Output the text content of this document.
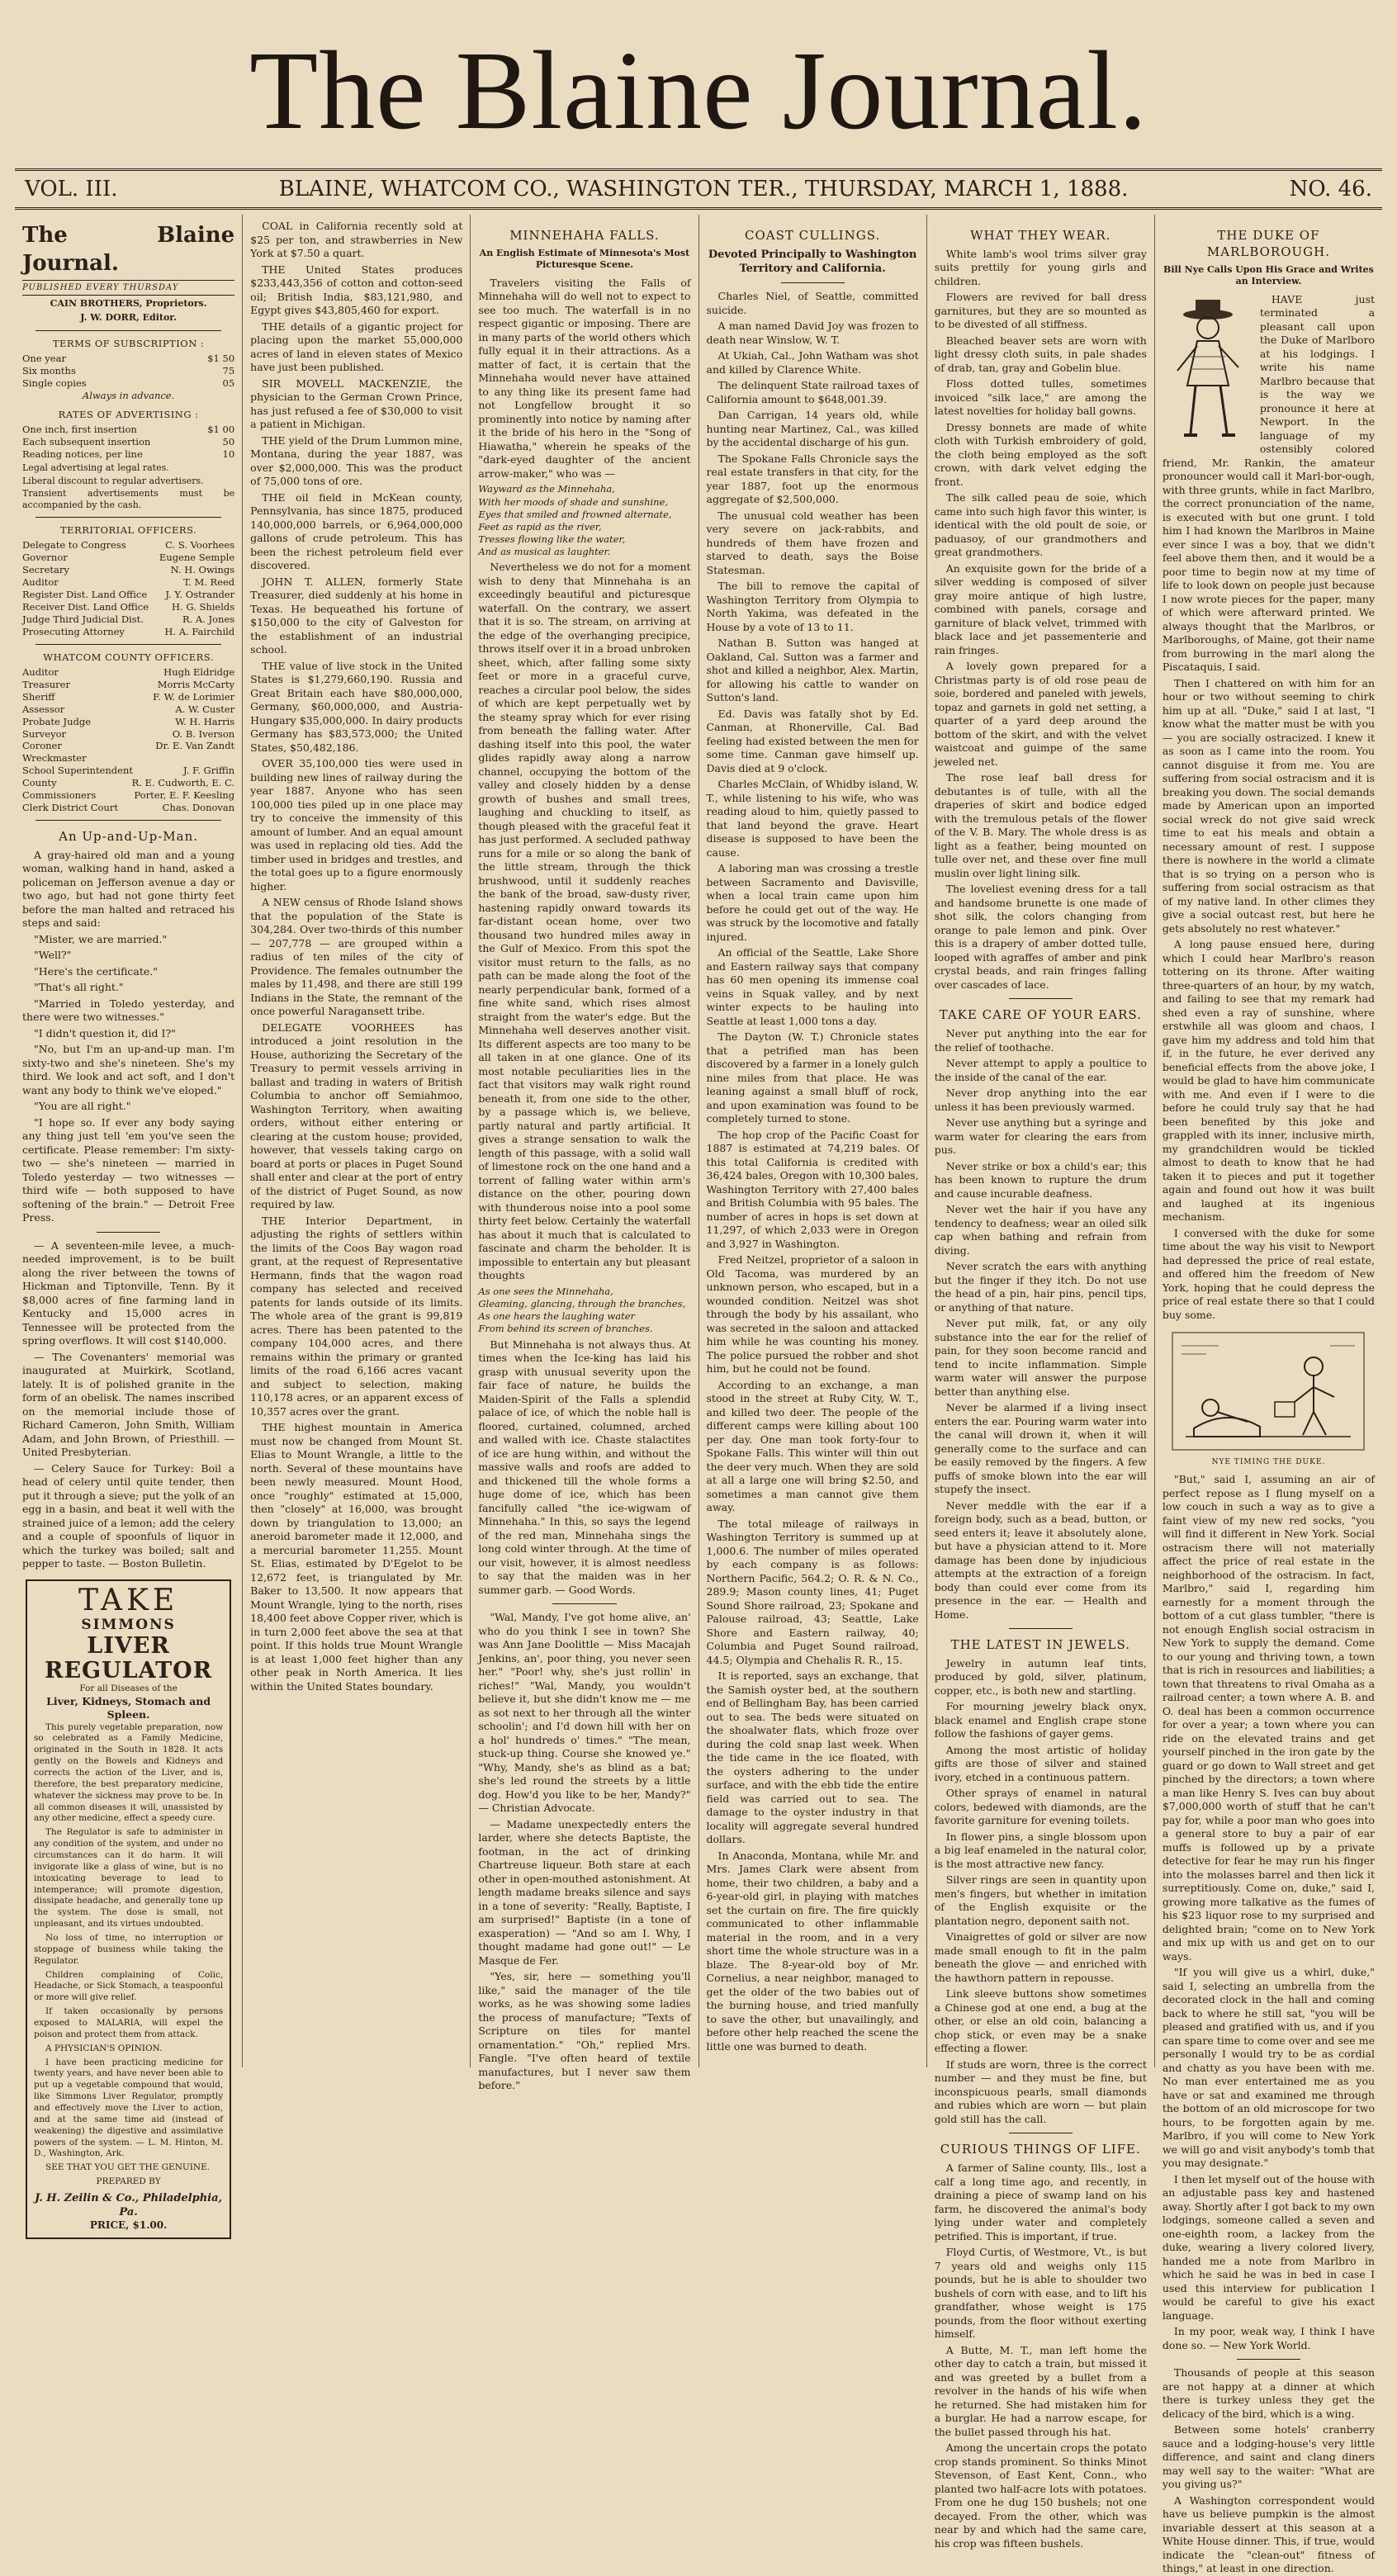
The Blaine Journal.
VOL. III.	BLAINE, WHATCOM CO., WASHINGTON TER., THURSDAY, MARCH 1, 1888.	NO. 46.
The Blaine Journal.
PUBLISHED EVERY THURSDAY
CAIN BROTHERS, Proprietors.
J. W. DORR, Editor.
TERMS OF SUBSCRIPTION :
One year	$1 50
Six months	75
Single copies	05
Always in advance.
RATES OF ADVERTISING :
One inch, first insertion	$1 00
Each subsequent insertion	50
Reading notices, per line	10
Legal advertising at legal rates.
Liberal discount to regular advertisers.
Transient advertisements must be accompanied by the cash.
TERRITORIAL OFFICERS.
Delegate to Congress	C. S. Voorhees
Governor	Eugene Semple
Secretary	N. H. Owings
Auditor	T. M. Reed
Register Dist. Land Office J. Y. Ostrander
Receiver Dist. Land Office H. G. Shields
Judge Third Judicial Dist.	R. A. Jones
Prosecuting Attorney	H. A. Fairchild
WHATCOM COUNTY OFFICERS.
Auditor	Hugh Eldridge
Treasurer	Morris McCarty
Sheriff	F. W. de Lorimier
Assessor	A. W. Custer
Probate Judge	W. H. Harris
Surveyor	O. B. Iverson
Coroner	Dr. E. Van Zandt
Wreckmaster
School Superintendent	J. F. Griffin
County Commissioners
R. E. Cudworth, E. C. Porter, E. F. Keesling
Clerk District Court	Chas. Donovan
An Up-and-Up-Man.

A gray-haired old man and a young woman, walking hand in hand, asked a policeman on Jefferson avenue a day or two ago, but had not gone thirty feet before the man halted and retraced his steps and said:

"Mister, we are married."

"Well?"

"Here's the certificate."

"That's all right."

"Married in Toledo yesterday, and there were two witnesses."

"I didn't question it, did I?"

"No, but I'm an up-and-up man. I'm sixty-two and she's nineteen. She's my third. We look and act soft, and I don't want any body to think we've eloped."

"You are all right."

"I hope so. If ever any body saying any thing just tell 'em you've seen the certificate. Please remember: I'm sixty-two — she's nineteen — married in Toledo yesterday — two witnesses — third wife — both supposed to have softening of the brain." — Detroit Free Press.

— A seventeen-mile levee, a much-needed improvement, is to be built along the river between the towns of Hickman and Tiptonville, Tenn. By it $8,000 acres of fine farming land in Kentucky and 15,000 acres in Tennessee will be protected from the spring overflows. It will cost $140,000.

— The Covenanters' memorial was inaugurated at Muirkirk, Scotland, lately. It is of polished granite in the form of an obelisk. The names inscribed on the memorial include those of Richard Cameron, John Smith, William Adam, and John Brown, of Priesthill. — United Presbyterian.

— Celery Sauce for Turkey: Boil a head of celery until quite tender, then put it through a sieve; put the yolk of an egg in a basin, and beat it well with the strained juice of a lemon; add the celery and a couple of spoonfuls of liquor in which the turkey was boiled; salt and pepper to taste. — Boston Bulletin.

TAKE
SIMMONS
LIVER REGULATOR
For all Diseases of the
Liver, Kidneys, Stomach and Spleen.

This purely vegetable preparation, now so celebrated as a Family Medicine, originated in the South in 1828. It acts gently on the Bowels and Kidneys and corrects the action of the Liver, and is, therefore, the best preparatory medicine, whatever the sickness may prove to be. In all common diseases it will, unassisted by any other medicine, effect a speedy cure.

The Regulator is safe to administer in any condition of the system, and under no circumstances can it do harm. It will invigorate like a glass of wine, but is no intoxicating beverage to lead to intemperance; will promote digestion, dissipate headache, and generally tone up the system. The dose is small, not unpleasant, and its virtues undoubted.

No loss of time, no interruption or stoppage of business while taking the Regulator.

Children complaining of Colic, Headache, or Sick Stomach, a teaspoonful or more will give relief.

If taken occasionally by persons exposed to MALARIA, will expel the poison and protect them from attack.

A PHYSICIAN'S OPINION.

I have been practicing medicine for twenty years, and have never been able to put up a vegetable compound that would, like Simmons Liver Regulator, promptly and effectively move the Liver to action, and at the same time aid (instead of weakening) the digestive and assimilative powers of the system. — L. M. Hinton, M. D., Washington, Ark.

SEE THAT YOU GET THE GENUINE.

PREPARED BY
J. H. Zeilin & Co., Philadelphia, Pa.
PRICE, $1.00.

COAL in California recently sold at $25 per ton, and strawberries in New York at $7.50 a quart.

THE United States produces $233,443,356 of cotton and cotton-seed oil; British India, $83,121,980, and Egypt gives $43,805,460 for export.

THE details of a gigantic project for placing upon the market 55,000,000 acres of land in eleven states of Mexico have just been published.

SIR MOVELL MACKENZIE, the physician to the German Crown Prince, has just refused a fee of $30,000 to visit a patient in Michigan.

THE yield of the Drum Lummon mine, Montana, during the year 1887, was over $2,000,000. This was the product of 75,000 tons of ore.

THE oil field in McKean county, Pennsylvania, has since 1875, produced 140,000,000 barrels, or 6,964,000,000 gallons of crude petroleum. This has been the richest petroleum field ever discovered.

JOHN T. ALLEN, formerly State Treasurer, died suddenly at his home in Texas. He bequeathed his fortune of $150,000 to the city of Galveston for the establishment of an industrial school.

THE value of live stock in the United States is $1,279,660,190. Russia and Great Britain each have $80,000,000, Germany, $60,000,000, and Austria-Hungary $35,000,000. In dairy products Germany has $83,573,000; the United States, $50,482,186.

OVER 35,100,000 ties were used in building new lines of railway during the year 1887. Anyone who has seen 100,000 ties piled up in one place may try to conceive the immensity of this amount of lumber. And an equal amount was used in replacing old ties. Add the timber used in bridges and trestles, and the total goes up to a figure enormously higher.

A NEW census of Rhode Island shows that the population of the State is 304,284. Over two-thirds of this number — 207,778 — are grouped within a radius of ten miles of the city of Providence. The females outnumber the males by 11,498, and there are still 199 Indians in the State, the remnant of the once powerful Naragansett tribe.

DELEGATE VOORHEES has introduced a joint resolution in the House, authorizing the Secretary of the Treasury to permit vessels arriving in ballast and trading in waters of British Columbia to anchor off Semiahmoo, Washington Territory, when awaiting orders, without either entering or clearing at the custom house; provided, however, that vessels taking cargo on board at ports or places in Puget Sound shall enter and clear at the port of entry of the district of Puget Sound, as now required by law.

THE Interior Department, in adjusting the rights of settlers within the limits of the Coos Bay wagon road grant, at the request of Representative Hermann, finds that the wagon road company has selected and received patents for lands outside of its limits. The whole area of the grant is 99,819 acres. There has been patented to the company 104,000 acres, and there remains within the primary or granted limits of the road 6,166 acres vacant and subject to selection, making 110,178 acres, or an apparent excess of 10,357 acres over the grant.

THE highest mountain in America must now be changed from Mount St. Elias to Mount Wrangle, a little to the north. Several of these mountains have been newly measured. Mount Hood, once "roughly" estimated at 15,000, then "closely" at 16,000, was brought down by triangulation to 13,000; an aneroid barometer made it 12,000, and a mercurial barometer 11,255. Mount St. Elias, estimated by D'Egelot to be 12,672 feet, is triangulated by Mr. Baker to 13,500. It now appears that Mount Wrangle, lying to the north, rises 18,400 feet above Copper river, which is in turn 2,000 feet above the sea at that point. If this holds true Mount Wrangle is at least 1,000 feet higher than any other peak in North America. It lies within the United States boundary.

MINNEHAHA FALLS.
An English Estimate of Minnesota's Most Picturesque Scene.

Travelers visiting the Falls of Minnehaha will do well not to expect to see too much. The waterfall is in no respect gigantic or imposing. There are in many parts of the world others which fully equal it in their attractions. As a matter of fact, it is certain that the Minnehaha would never have attained to any thing like its present fame had not Longfellow brought it so prominently into notice by naming after it the bride of his hero in the "Song of Hiawatha," wherein he speaks of the "dark-eyed daughter of the ancient arrow-maker," who was —

Wayward as the Minnehaha,
With her moods of shade and sunshine,
Eyes that smiled and frowned alternate,
Feet as rapid as the river,
Tresses flowing like the water,
And as musical as laughter.

Nevertheless we do not for a moment wish to deny that Minnehaha is an exceedingly beautiful and picturesque waterfall. On the contrary, we assert that it is so. The stream, on arriving at the edge of the overhanging precipice, throws itself over it in a broad unbroken sheet, which, after falling some sixty feet or more in a graceful curve, reaches a circular pool below, the sides of which are kept perpetually wet by the steamy spray which for ever rising from beneath the falling water. After dashing itself into this pool, the water glides rapidly away along a narrow channel, occupying the bottom of the valley and closely hidden by a dense growth of bushes and small trees, laughing and chuckling to itself, as though pleased with the graceful feat it has just performed. A secluded pathway runs for a mile or so along the bank of the little stream, through the thick brushwood, until it suddenly reaches the bank of the broad, saw-dusty river, hastening rapidly onward towards its far-distant ocean home, over two thousand two hundred miles away in the Gulf of Mexico. From this spot the visitor must return to the falls, as no path can be made along the foot of the nearly perpendicular bank, formed of a fine white sand, which rises almost straight from the water's edge. But the Minnehaha well deserves another visit. Its different aspects are too many to be all taken in at one glance. One of its most notable peculiarities lies in the fact that visitors may walk right round beneath it, from one side to the other, by a passage which is, we believe, partly natural and partly artificial. It gives a strange sensation to walk the length of this passage, with a solid wall of limestone rock on the one hand and a torrent of falling water within arm's distance on the other, pouring down with thunderous noise into a pool some thirty feet below. Certainly the waterfall has about it much that is calculated to fascinate and charm the beholder. It is impossible to entertain any but pleasant thoughts

As one sees the Minnehaha,
Gleaming, glancing, through the branches,
As one hears the laughing water
From behind its screen of branches.

But Minnehaha is not always thus. At times when the Ice-king has laid his grasp with unusual severity upon the fair face of nature, he builds the Maiden-Spirit of the Falls a splendid palace of ice, of which the noble hall is floored, curtained, columned, arched and walled with ice. Chaste stalactites of ice are hung within, and without the massive walls and roofs are added to and thickened till the whole forms a huge dome of ice, which has been fancifully called "the ice-wigwam of Minnehaha." In this, so says the legend of the red man, Minnehaha sings the long cold winter through. At the time of our visit, however, it is almost needless to say that the maiden was in her summer garb. — Good Words.

"Wal, Mandy, I've got home alive, an' who do you think I see in town? She was Ann Jane Doolittle — Miss Macajah Jenkins, an', poor thing, you never seen her." "Poor! why, she's just rollin' in riches!" "Wal, Mandy, you wouldn't believe it, but she didn't know me — me as sot next to her through all the winter schoolin'; and I'd down hill with her on a hol' hundreds o' times." "The mean, stuck-up thing. Course she knowed ye." "Why, Mandy, she's as blind as a bat; she's led round the streets by a little dog. How'd you like to be her, Mandy?" — Christian Advocate.

— Madame unexpectedly enters the larder, where she detects Baptiste, the footman, in the act of drinking Chartreuse liqueur. Both stare at each other in open-mouthed astonishment. At length madame breaks silence and says in a tone of severity: "Really, Baptiste, I am surprised!" Baptiste (in a tone of exasperation) — "And so am I. Why, I thought madame had gone out!" — Le Masque de Fer.

"Yes, sir, here — something you'll like," said the manager of the tile works, as he was showing some ladies the process of manufacture; "Texts of Scripture on tiles for mantel ornamentation." "Oh," replied Mrs. Fangle. "I've often heard of textile manufactures, but I never saw them before."

COAST CULLINGS.
Devoted Principally to Washington Territory and California.

Charles Niel, of Seattle, committed suicide.

A man named David Joy was frozen to death near Winslow, W. T.

At Ukiah, Cal., John Watham was shot and killed by Clarence White.

The delinquent State railroad taxes of California amount to $648,001.39.

Dan Carrigan, 14 years old, while hunting near Martinez, Cal., was killed by the accidental discharge of his gun.

The Spokane Falls Chronicle says the real estate transfers in that city, for the year 1887, foot up the enormous aggregate of $2,500,000.

The unusual cold weather has been very severe on jack-rabbits, and hundreds of them have frozen and starved to death, says the Boise Statesman.

The bill to remove the capital of Washington Territory from Olympia to North Yakima, was defeated in the House by a vote of 13 to 11.

Nathan B. Sutton was hanged at Oakland, Cal. Sutton was a farmer and shot and killed a neighbor, Alex. Martin, for allowing his cattle to wander on Sutton's land.

Ed. Davis was fatally shot by Ed. Canman, at Rhonerville, Cal. Bad feeling had existed between the men for some time. Canman gave himself up. Davis died at 9 o'clock.

Charles McClain, of Whidby island, W. T., while listening to his wife, who was reading aloud to him, quietly passed to that land beyond the grave. Heart disease is supposed to have been the cause.

A laboring man was crossing a trestle between Sacramento and Davisville, when a local train came upon him before he could get out of the way. He was struck by the locomotive and fatally injured.

An official of the Seattle, Lake Shore and Eastern railway says that company has 60 men opening its immense coal veins in Squak valley, and by next winter expects to be hauling into Seattle at least 1,000 tons a day.

The Dayton (W. T.) Chronicle states that a petrified man has been discovered by a farmer in a lonely gulch nine miles from that place. He was leaning against a small bluff of rock, and upon examination was found to be completely turned to stone.

The hop crop of the Pacific Coast for 1887 is estimated at 74,219 bales. Of this total California is credited with 36,424 bales, Oregon with 10,300 bales, Washington Territory with 27,400 bales and British Columbia with 95 bales. The number of acres in hops is set down at 11,297, of which 2,033 were in Oregon and 3,927 in Washington.

Fred Neitzel, proprietor of a saloon in Old Tacoma, was murdered by an unknown person, who escaped, but in a wounded condition. Neitzel was shot through the body by his assailant, who was secreted in the saloon and attacked him while he was counting his money. The police pursued the robber and shot him, but he could not be found.

According to an exchange, a man stood in the street at Ruby City, W. T., and killed two deer. The people of the different camps were killing about 100 per day. One man took forty-four to Spokane Falls. This winter will thin out the deer very much. When they are sold at all a large one will bring $2.50, and sometimes a man cannot give them away.

The total mileage of railways in Washington Territory is summed up at 1,000.6. The number of miles operated by each company is as follows: Northern Pacific, 564.2; O. R. & N. Co., 289.9; Mason county lines, 41; Puget Sound Shore railroad, 23; Spokane and Palouse railroad, 43; Seattle, Lake Shore and Eastern railway, 40; Columbia and Puget Sound railroad, 44.5; Olympia and Chehalis R. R., 15.

It is reported, says an exchange, that the Samish oyster bed, at the southern end of Bellingham Bay, has been carried out to sea. The beds were situated on the shoalwater flats, which froze over during the cold snap last week. When the tide came in the ice floated, with the oysters adhering to the under surface, and with the ebb tide the entire field was carried out to sea. The damage to the oyster industry in that locality will aggregate several hundred dollars.

In Anaconda, Montana, while Mr. and Mrs. James Clark were absent from home, their two children, a baby and a 6-year-old girl, in playing with matches set the curtain on fire. The fire quickly communicated to other inflammable material in the room, and in a very short time the whole structure was in a blaze. The 8-year-old boy of Mr. Cornelius, a near neighbor, managed to get the older of the two babies out of the burning house, and tried manfully to save the other, but unavailingly, and before other help reached the scene the little one was burned to death.

WHAT THEY WEAR.

White lamb's wool trims silver gray suits prettily for young girls and children.

Flowers are revived for ball dress garnitures, but they are so mounted as to be divested of all stiffness.

Bleached beaver sets are worn with light dressy cloth suits, in pale shades of drab, tan, gray and Gobelin blue.

Floss dotted tulles, sometimes invoiced "silk lace," are among the latest novelties for holiday ball gowns.

Dressy bonnets are made of white cloth with Turkish embroidery of gold, the cloth being employed as the soft crown, with dark velvet edging the front.

The silk called peau de soie, which came into such high favor this winter, is identical with the old poult de soie, or paduasoy, of our grandmothers and great grandmothers.

An exquisite gown for the bride of a silver wedding is composed of silver gray moire antique of high lustre, combined with panels, corsage and garniture of black velvet, trimmed with black lace and jet passementerie and rain fringes.

A lovely gown prepared for a Christmas party is of old rose peau de soie, bordered and paneled with jewels, topaz and garnets in gold net setting, a quarter of a yard deep around the bottom of the skirt, and with the velvet waistcoat and guimpe of the same jeweled net.

The rose leaf ball dress for debutantes is of tulle, with all the draperies of skirt and bodice edged with the tremulous petals of the flower of the V. B. Mary. The whole dress is as light as a feather, being mounted on tulle over net, and these over fine mull muslin over light lining silk.

The loveliest evening dress for a tall and handsome brunette is one made of shot silk, the colors changing from orange to pale lemon and pink. Over this is a drapery of amber dotted tulle, looped with agraffes of amber and pink crystal beads, and rain fringes falling over cascades of lace.

TAKE CARE OF YOUR EARS.

Never put anything into the ear for the relief of toothache.

Never attempt to apply a poultice to the inside of the canal of the ear.

Never drop anything into the ear unless it has been previously warmed.

Never use anything but a syringe and warm water for clearing the ears from pus.

Never strike or box a child's ear; this has been known to rupture the drum and cause incurable deafness.

Never wet the hair if you have any tendency to deafness; wear an oiled silk cap when bathing and refrain from diving.

Never scratch the ears with anything but the finger if they itch. Do not use the head of a pin, hair pins, pencil tips, or anything of that nature.

Never put milk, fat, or any oily substance into the ear for the relief of pain, for they soon become rancid and tend to incite inflammation. Simple warm water will answer the purpose better than anything else.

Never be alarmed if a living insect enters the ear. Pouring warm water into the canal will drown it, when it will generally come to the surface and can be easily removed by the fingers. A few puffs of smoke blown into the ear will stupefy the insect.

Never meddle with the ear if a foreign body, such as a bead, button, or seed enters it; leave it absolutely alone, but have a physician attend to it. More damage has been done by injudicious attempts at the extraction of a foreign body than could ever come from its presence in the ear. — Health and Home.

THE LATEST IN JEWELS.

Jewelry in autumn leaf tints, produced by gold, silver, platinum, copper, etc., is both new and startling.

For mourning jewelry black onyx, black enamel and English crape stone follow the fashions of gayer gems.

Among the most artistic of holiday gifts are those of silver and stained ivory, etched in a continuous pattern.

Other sprays of enamel in natural colors, bedewed with diamonds, are the favorite garniture for evening toilets.

In flower pins, a single blossom upon a big leaf enameled in the natural color, is the most attractive new fancy.

Silver rings are seen in quantity upon men's fingers, but whether in imitation of the English exquisite or the plantation negro, deponent saith not.

Vinaigrettes of gold or silver are now made small enough to fit in the palm beneath the glove — and enriched with the hawthorn pattern in repousse.

Link sleeve buttons show sometimes a Chinese god at one end, a bug at the other, or else an old coin, balancing a chop stick, or even may be a snake effecting a flower.

If studs are worn, three is the correct number — and they must be fine, but inconspicuous pearls, small diamonds and rubies which are worn — but plain gold still has the call.

CURIOUS THINGS OF LIFE.

A farmer of Saline county, Ills., lost a calf a long time ago, and recently, in draining a piece of swamp land on his farm, he discovered the animal's body lying under water and completely petrified. This is important, if true.

Floyd Curtis, of Westmore, Vt., is but 7 years old and weighs only 115 pounds, but he is able to shoulder two bushels of corn with ease, and to lift his grandfather, whose weight is 175 pounds, from the floor without exerting himself.

A Butte, M. T., man left home the other day to catch a train, but missed it and was greeted by a bullet from a revolver in the hands of his wife when he returned. She had mistaken him for a burglar. He had a narrow escape, for the bullet passed through his hat.

Among the uncertain crops the potato crop stands prominent. So thinks Minot Stevenson, of East Kent, Conn., who planted two half-acre lots with potatoes. From one he dug 150 bushels; not one decayed. From the other, which was near by and which had the same care, his crop was fifteen bushels.

THE DUKE OF MARLBOROUGH.
Bill Nye Calls Upon His Grace and Writes an Interview.

HAVE just terminated a pleasant call upon the Duke of Marlboro at his lodgings. I write his name Marlbro because that is the way we pronounce it here at Newport. In the language of my ostensibly colored friend, Mr. Rankin, the amateur pronouncer would call it Marl-bor-ough, with three grunts, while in fact Marlbro, the correct pronunciation of the name, is executed with but one grunt. I told him I had known the Marlbros in Maine ever since I was a boy, that we didn't feel above them then, and it would be a poor time to begin now at my time of life to look down on people just because I now wrote pieces for the paper, many of which were afterward printed. We always thought that the Marlbros, or Marlboroughs, of Maine, got their name from burrowing in the marl along the Piscataquis, I said.

Then I chattered on with him for an hour or two without seeming to chirk him up at all. "Duke," said I at last, "I know what the matter must be with you — you are socially ostracized. I knew it as soon as I came into the room. You cannot disguise it from me. You are suffering from social ostracism and it is breaking you down. The social demands made by American upon an imported social wreck do not give said wreck time to eat his meals and obtain a necessary amount of rest. I suppose there is nowhere in the world a climate that is so trying on a person who is suffering from social ostracism as that of my native land. In other climes they give a social outcast rest, but here he gets absolutely no rest whatever."

A long pause ensued here, during which I could hear Marlbro's reason tottering on its throne. After waiting three-quarters of an hour, by my watch, and failing to see that my remark had shed even a ray of sunshine, where erstwhile all was gloom and chaos, I gave him my address and told him that if, in the future, he ever derived any beneficial effects from the above joke, I would be glad to have him communicate with me. And even if I were to die before he could truly say that he had been benefited by this joke and grappled with its inner, inclusive mirth, my grandchildren would be tickled almost to death to know that he had taken it to pieces and put it together again and found out how it was built and laughed at its ingenious mechanism.

I conversed with the duke for some time about the way his visit to Newport had depressed the price of real estate, and offered him the freedom of New York, hoping that he could depress the price of real estate there so that I could buy some.

NYE TIMING THE DUKE.

"But," said I, assuming an air of perfect repose as I flung myself on a low couch in such a way as to give a faint view of my new red socks, "you will find it different in New York. Social ostracism there will not materially affect the price of real estate in the neighborhood of the ostracism. In fact, Marlbro," said I, regarding him earnestly for a moment through the bottom of a cut glass tumbler, "there is not enough English social ostracism in New York to supply the demand. Come to our young and thriving town, a town that is rich in resources and liabilities; a town that threatens to rival Omaha as a railroad center; a town where A. B. and O. deal has been a common occurrence for over a year; a town where you can ride on the elevated trains and get yourself pinched in the iron gate by the guard or go down to Wall street and get pinched by the directors; a town where a man like Henry S. Ives can buy about $7,000,000 worth of stuff that he can't pay for, while a poor man who goes into a general store to buy a pair of ear muffs is followed up by a private detective for fear he may run his finger into the molasses barrel and then lick it surreptitiously. Come on, duke," said I, growing more talkative as the fumes of his $23 liquor rose to my surprised and delighted brain; "come on to New York and mix up with us and get on to our ways.

"If you will give us a whirl, duke," said I, selecting an umbrella from the decorated clock in the hall and coming back to where he still sat, "you will be pleased and gratified with us, and if you can spare time to come over and see me personally I would try to be as cordial and chatty as you have been with me. No man ever entertained me as you have or sat and examined me through the bottom of an old microscope for two hours, to be forgotten again by me. Marlbro, if you will come to New York we will go and visit anybody's tomb that you may designate."

I then let myself out of the house with an adjustable pass key and hastened away. Shortly after I got back to my own lodgings, someone called a seven and one-eighth room, a lackey from the duke, wearing a livery colored livery, handed me a note from Marlbro in which he said he was in bed in case I used this interview for publication I would be careful to give his exact language.

In my poor, weak way, I think I have done so. — New York World.

Thousands of people at this season are not happy at a dinner at which there is turkey unless they get the delicacy of the bird, which is a wing.

Between some hotels' cranberry sauce and a lodging-house's very little difference, and saint and clang diners may well say to the waiter: "What are you giving us?"

A Washington correspondent would have us believe pumpkin is the almost invariable dessert at this season at a White House dinner. This, if true, would indicate the "clean-out" fitness of things," at least in one direction.
